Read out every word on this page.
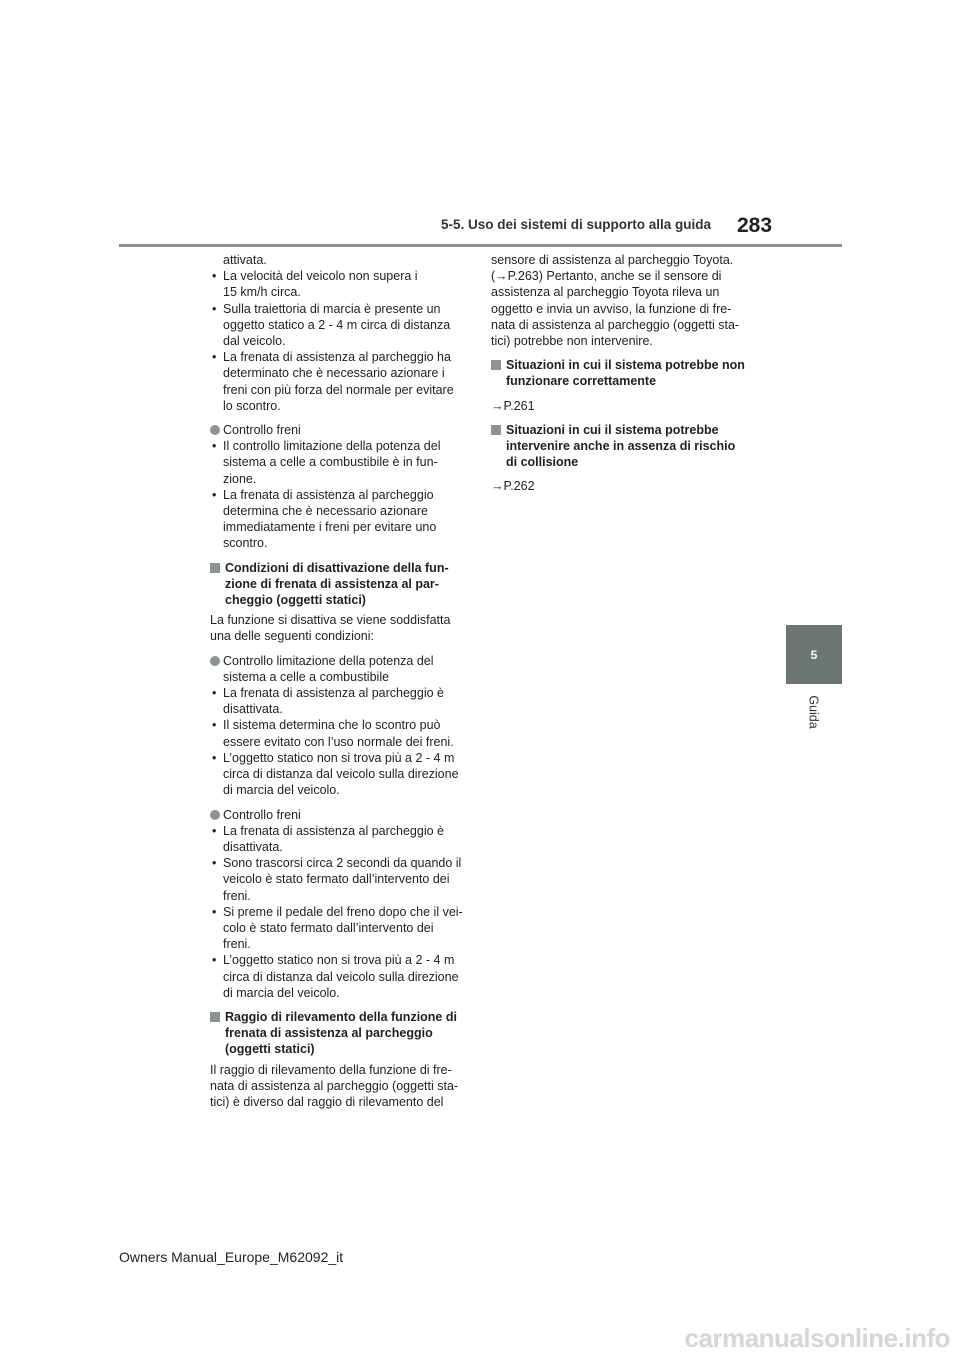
5-5. Uso dei sistemi di supporto alla guida 283
5
Guida
attivata.
• La velocità del veicolo non supera i
15 km/h circa.
• Sulla traiettoria di marcia è presente un
oggetto statico a 2 - 4 m circa di distanza
dal veicolo.
• La frenata di assistenza al parcheggio ha
determinato che è necessario azionare i
freni con più forza del normale per evitare
lo scontro.
Controllo freni
• Il controllo limitazione della potenza del
sistema a celle a combustibile è in fun-
zione.
• La frenata di assistenza al parcheggio
determina che è necessario azionare
immediatamente i freni per evitare uno
scontro.
Condizioni di disattivazione della fun-
zione di frenata di assistenza al par-
cheggio (oggetti statici)
La funzione si disattiva se viene soddisfatta
una delle seguenti condizioni:
Controllo limitazione della potenza del
sistema a celle a combustibile
• La frenata di assistenza al parcheggio è
disattivata.
• Il sistema determina che lo scontro può
essere evitato con l’uso normale dei freni.
• L’oggetto statico non si trova più a 2 - 4 m
circa di distanza dal veicolo sulla direzione
di marcia del veicolo.
Controllo freni
• La frenata di assistenza al parcheggio è
disattivata.
• Sono trascorsi circa 2 secondi da quando il
veicolo è stato fermato dall’intervento dei
freni.
• Si preme il pedale del freno dopo che il vei-
colo è stato fermato dall’intervento dei
freni.
• L’oggetto statico non si trova più a 2 - 4 m
circa di distanza dal veicolo sulla direzione
di marcia del veicolo.
Raggio di rilevamento della funzione di
frenata di assistenza al parcheggio
(oggetti statici)
Il raggio di rilevamento della funzione di fre-
nata di assistenza al parcheggio (oggetti sta-
tici) è diverso dal raggio di rilevamento del
sensore di assistenza al parcheggio Toyota.
(→P.263) Pertanto, anche se il sensore di
assistenza al parcheggio Toyota rileva un
oggetto e invia un avviso, la funzione di fre-
nata di assistenza al parcheggio (oggetti sta-
tici) potrebbe non intervenire.
Situazioni in cui il sistema potrebbe non
funzionare correttamente
→P.261
Situazioni in cui il sistema potrebbe
intervenire anche in assenza di rischio
di collisione
→P.262
Owners Manual_Europe_M62092_it
carmanualsonline.info
